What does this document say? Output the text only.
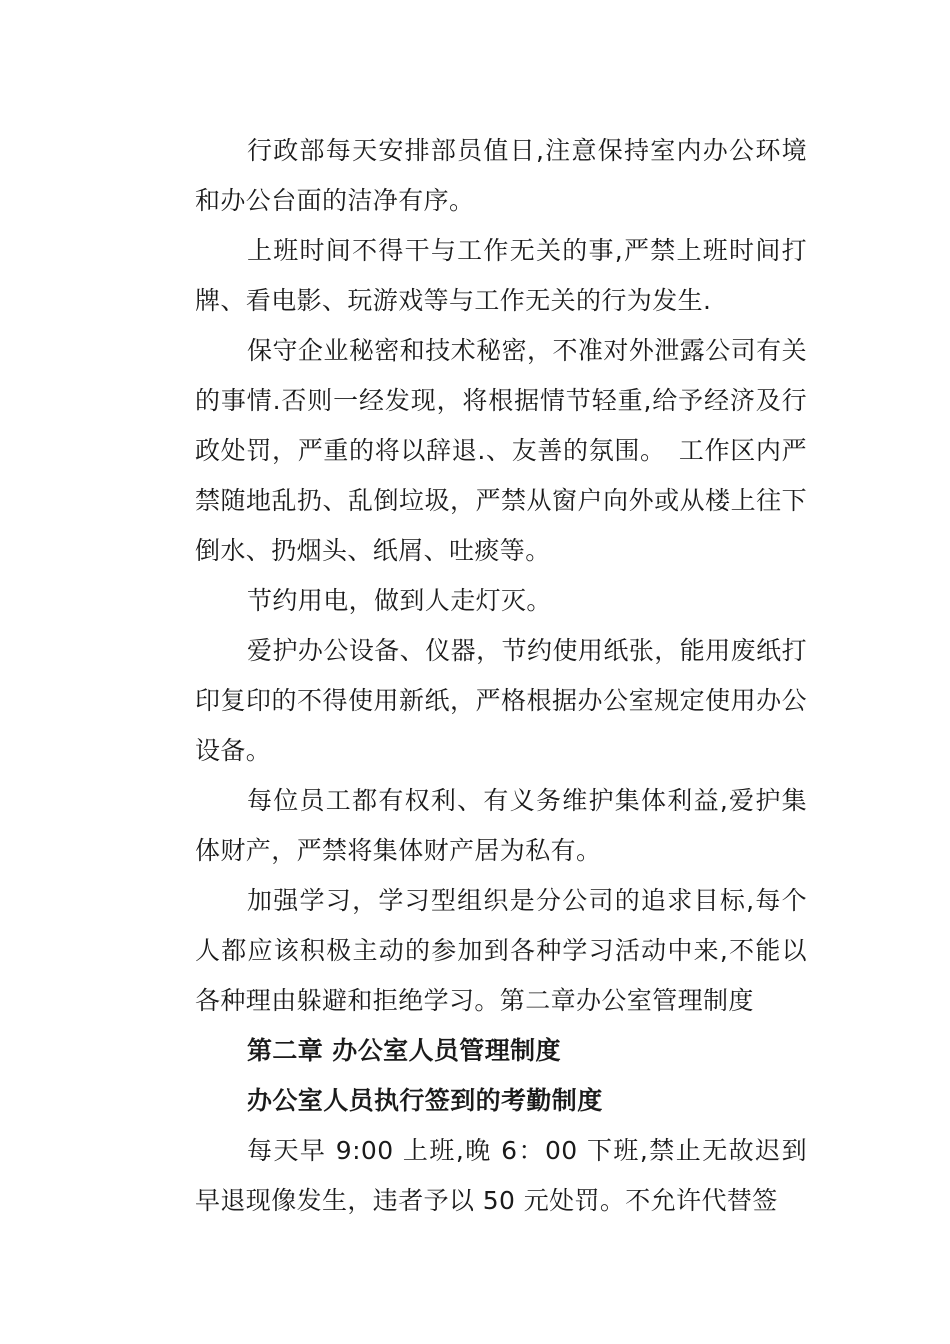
行政部每天安排部员值日,注意保持室内办公环境和办公台面的洁净有序。

上班时间不得干与工作无关的事,严禁上班时间打牌、看电影、玩游戏等与工作无关的行为发生.

保守企业秘密和技术秘密，不准对外泄露公司有关的事情.否则一经发现，将根据情节轻重,给予经济及行政处罚，严重的将以辞退.、友善的氛围。　工作区内严禁随地乱扔、乱倒垃圾，严禁从窗户向外或从楼上往下倒水、扔烟头、纸屑、吐痰等。

节约用电，做到人走灯灭。

爱护办公设备、仪器，节约使用纸张，能用废纸打印复印的不得使用新纸，严格根据办公室规定使用办公设备。

每位员工都有权利、有义务维护集体利益,爱护集体财产，严禁将集体财产居为私有。

加强学习，学习型组织是分公司的追求目标,每个人都应该积极主动的参加到各种学习活动中来,不能以各种理由躲避和拒绝学习。第二章办公室管理制度

第二章 办公室人员管理制度

办公室人员执行签到的考勤制度

每天早 9:00 上班,晚 6：00 下班,禁止无故迟到早退现像发生，违者予以 50 元处罚。不允许代替签
